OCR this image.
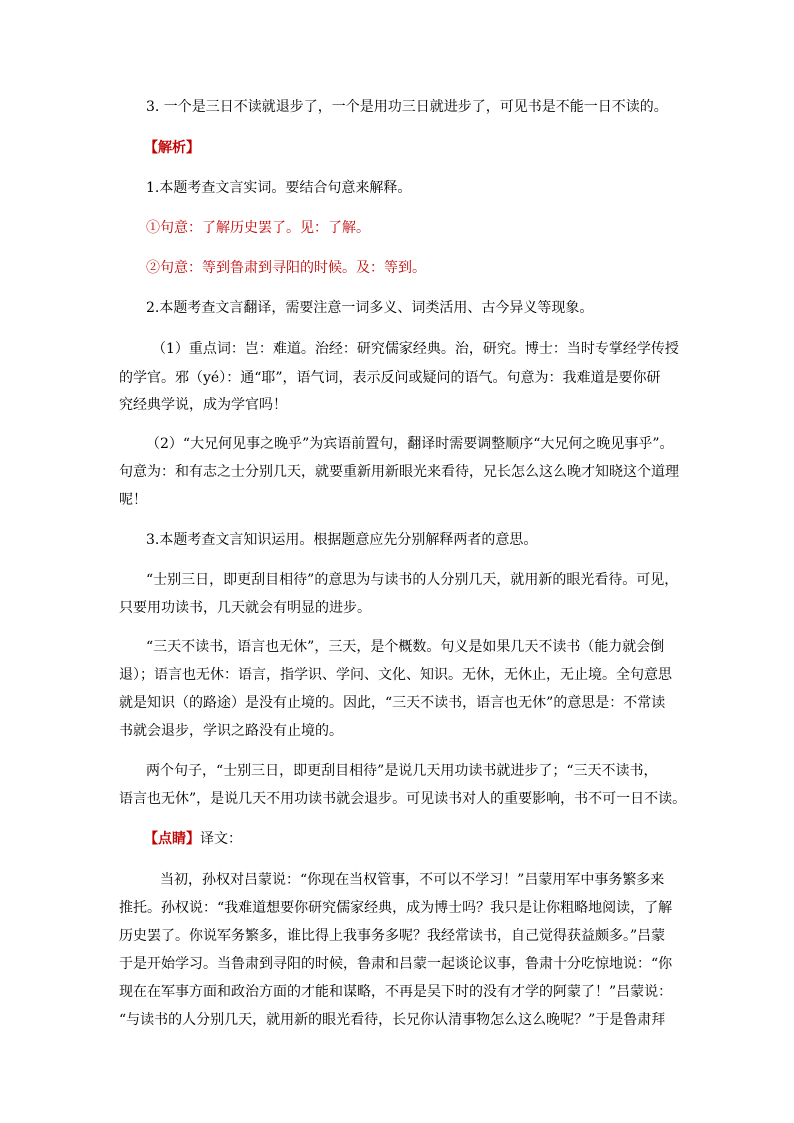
3. 一个是三日不读就退步了，一个是用功三日就进步了，可见书是不能一日不读的。
【解析】
1.本题考查文言实词。要结合句意来解释。
①句意：了解历史罢了。见：了解。
②句意：等到鲁肃到寻阳的时候。及：等到。
2.本题考查文言翻译，需要注意一词多义、词类活用、古今异义等现象。
（1）重点词：岂：难道。治经：研究儒家经典。治，研究。博士：当时专掌经学传授
的学官。邪（yé）：通“耶”，语气词，表示反问或疑问的语气。句意为：我难道是要你研
究经典学说，成为学官吗！
（2）“大兄何见事之晚乎”为宾语前置句，翻译时需要调整顺序“大兄何之晚见事乎”。
句意为：和有志之士分别几天，就要重新用新眼光来看待，兄长怎么这么晚才知晓这个道理
呢！
3.本题考查文言知识运用。根据题意应先分别解释两者的意思。
“士别三日，即更刮目相待”的意思为与读书的人分别几天，就用新的眼光看待。可见，
只要用功读书，几天就会有明显的进步。
“三天不读书，语言也无休”，三天，是个概数。句义是如果几天不读书（能力就会倒
退）；语言也无休：语言，指学识、学问、文化、知识。无休，无休止，无止境。全句意思
就是知识（的路途）是没有止境的。因此，“三天不读书，语言也无休”的意思是：不常读
书就会退步，学识之路没有止境的。
两个句子，“士别三日，即更刮目相待”是说几天用功读书就进步了；“三天不读书，
语言也无休”，是说几天不用功读书就会退步。可见读书对人的重要影响，书不可一日不读。
【点睛】译文：
当初，孙权对吕蒙说：“你现在当权管事，不可以不学习！”吕蒙用军中事务繁多来
推托。孙权说：“我难道想要你研究儒家经典，成为博士吗？我只是让你粗略地阅读，了解
历史罢了。你说军务繁多，谁比得上我事务多呢？我经常读书，自己觉得获益颇多。”吕蒙
于是开始学习。当鲁肃到寻阳的时候，鲁肃和吕蒙一起谈论议事，鲁肃十分吃惊地说：“你
现在在军事方面和政治方面的才能和谋略，不再是吴下时的没有才学的阿蒙了！”吕蒙说：
“与读书的人分别几天，就用新的眼光看待，长兄你认清事物怎么这么晚呢？”于是鲁肃拜
